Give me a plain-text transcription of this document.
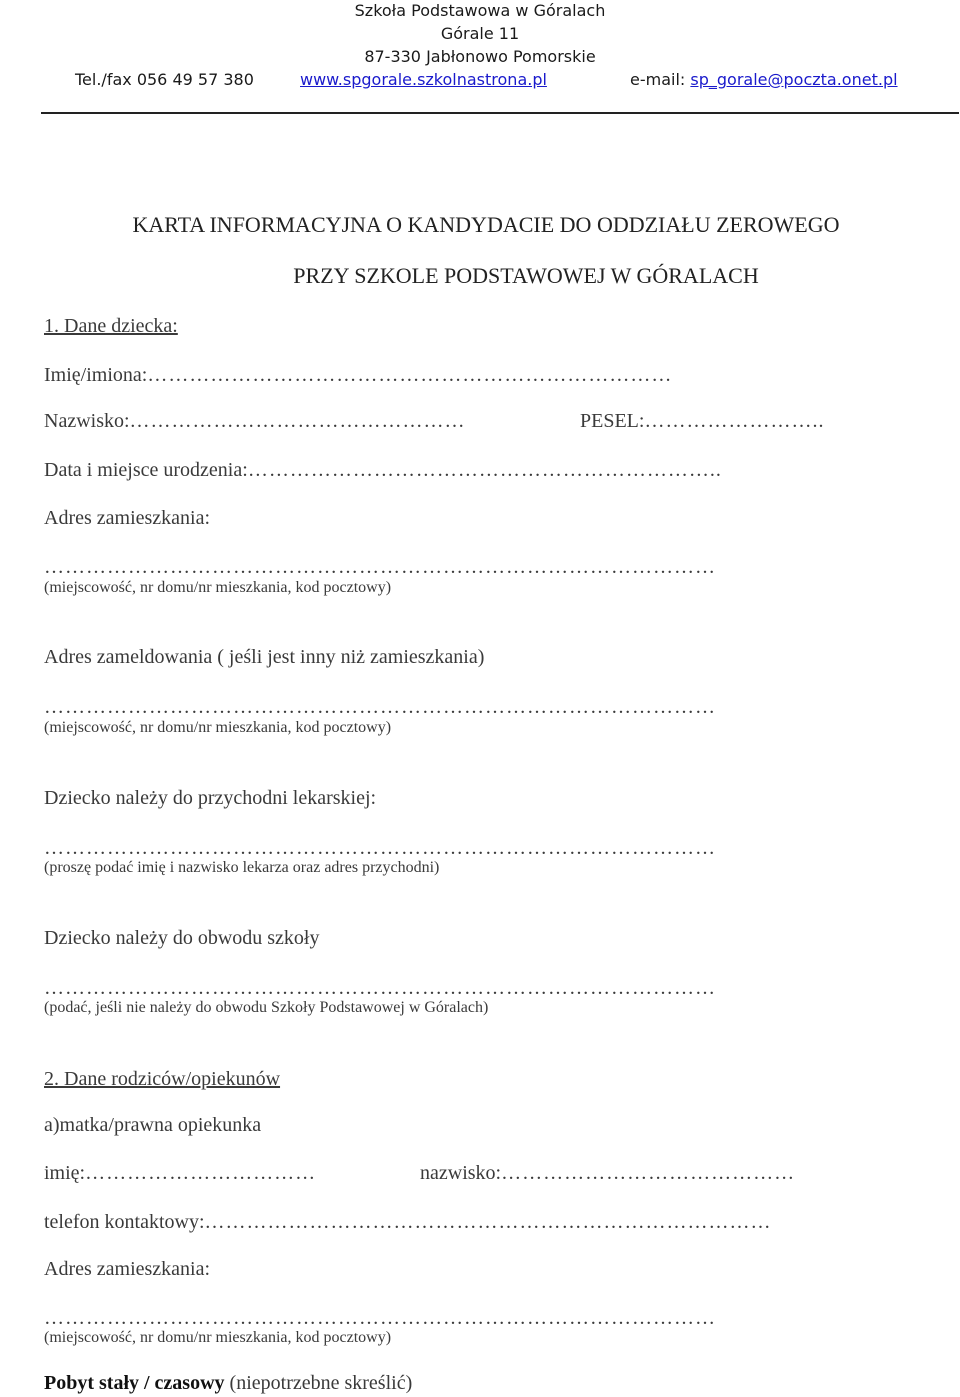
Szkoła Podstawowa w Góralach
Górale 11
87-330 Jabłonowo Pomorskie
Tel./fax 056 49 57 380	www.spgorale.szkolnastrona.pl	e-mail: sp_gorale@poczta.onet.pl
KARTA INFORMACYJNA O KANDYDACIE DO ODDZIAŁU ZEROWEGO
PRZY SZKOLE PODSTAWOWEJ W GÓRALACH
1. Dane dziecka:
Imię/imiona:…………………………………………………………………
Nazwisko:…………………………………………	PESEL:……………………..
Data i miejsce urodzenia:…………………………………………………………..
Adres zamieszkania:
……………………………………………………………………………………
(miejscowość, nr domu/nr mieszkania, kod pocztowy)
Adres zameldowania ( jeśli jest inny niż zamieszkania)
……………………………………………………………………………………
(miejscowość, nr domu/nr mieszkania, kod pocztowy)
Dziecko należy do przychodni lekarskiej:
……………………………………………………………………………………
(proszę podać imię i nazwisko lekarza oraz adres przychodni)
Dziecko należy do obwodu szkoły
……………………………………………………………………………………
(podać, jeśli nie należy do obwodu Szkoły Podstawowej w Góralach)
2. Dane rodziców/opiekunów
a)matka/prawna opiekunka
imię:……………………………	nazwisko:……………………………………
telefon kontaktowy:………………………………………………………………………
Adres zamieszkania:
……………………………………………………………………………………
(miejscowość, nr domu/nr mieszkania, kod pocztowy)
Pobyt stały / czasowy (niepotrzebne skreślić)
